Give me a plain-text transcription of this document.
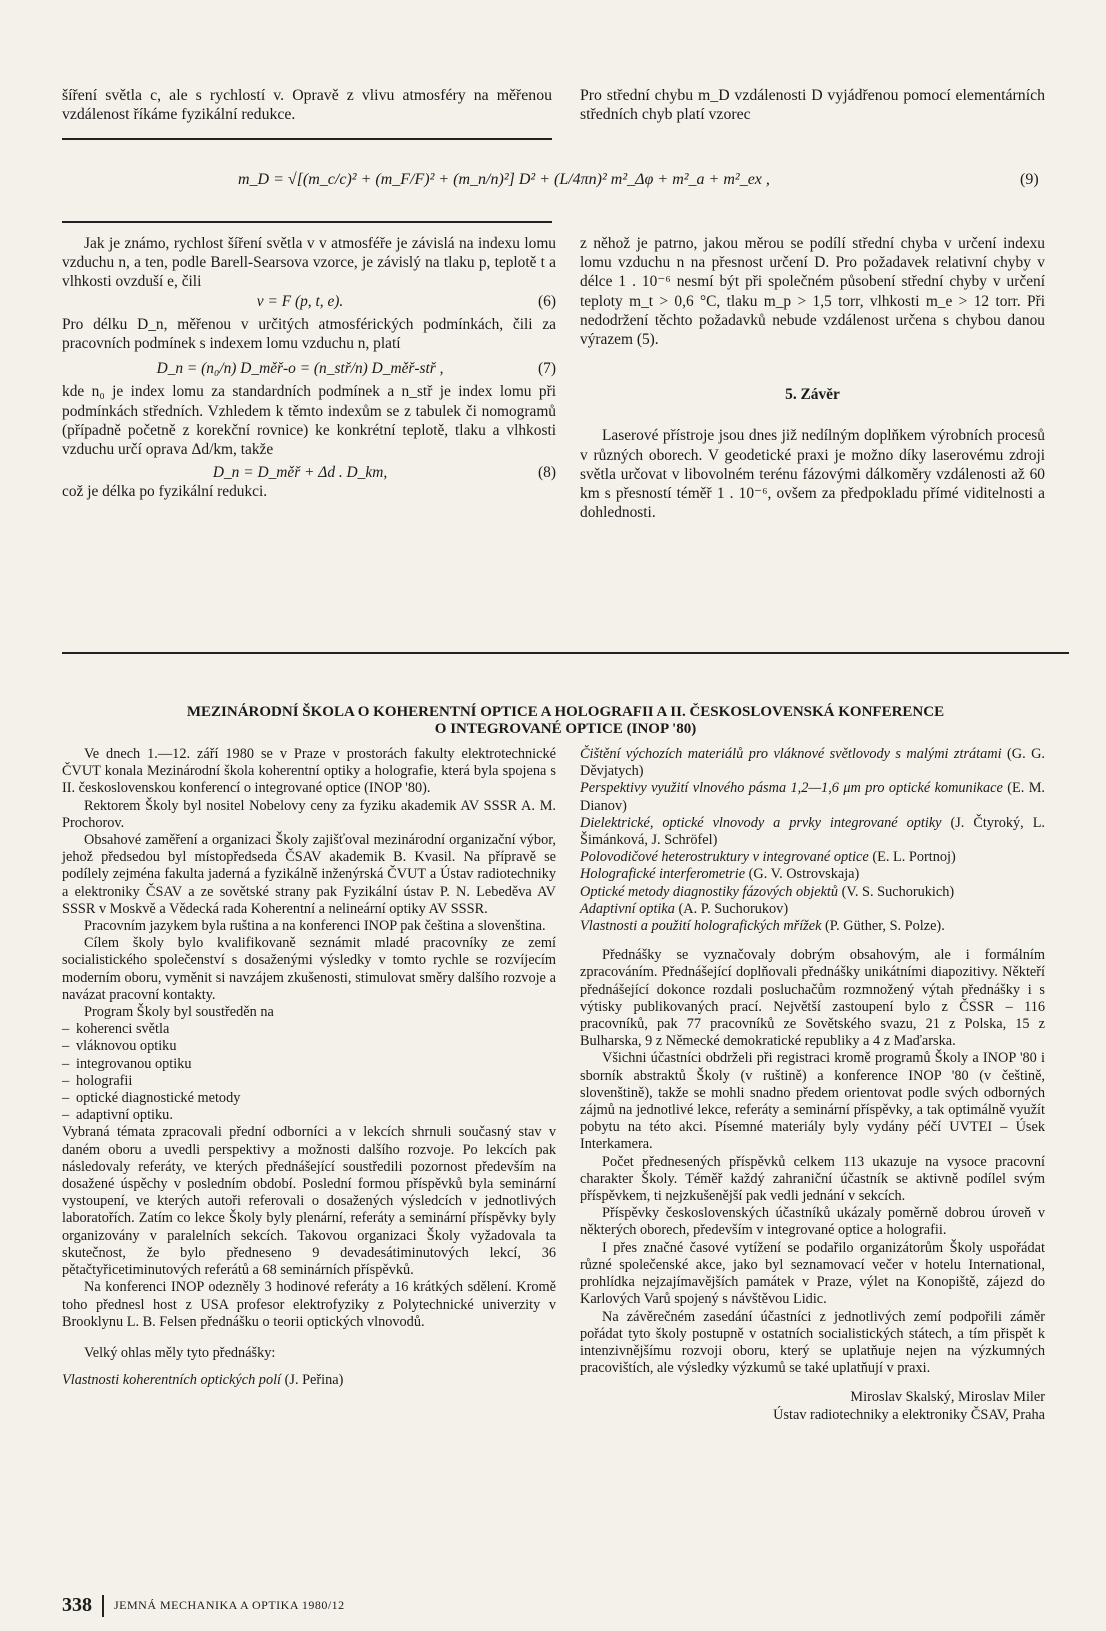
šíření světla c, ale s rychlostí v. Opravě z vlivu atmosféry na měřenou vzdálenost říkáme fyzikální redukce.
Pro střední chybu m_D vzdálenosti D vyjádřenou pomocí elementárních středních chyb platí vzorec
m_D = √[(m_c/c)² + (m_F/F)² + (m_n/n)²] D² + (L/4πn)² m²_Δφ + m²_a + m²_ex ,	(9)

Jak je známo, rychlost šíření světla v v atmosféře je závislá na indexu lomu vzduchu n, a ten, podle Barell-Searsova vzorce, je závislý na tlaku p, teplotě t a vlhkosti ovzduší e, čili

v = F (p, t, e).	(6)

Pro délku D_n, měřenou v určitých atmosférických podmínkách, čili za pracovních podmínek s indexem lomu vzduchu n, platí

D_n = (n₀/n) D_měř-o = (n_stř/n) D_měř-stř ,	(7)

kde n₀ je index lomu za standardních podmínek a n_stř je index lomu při podmínkách středních. Vzhledem k těmto indexům se z tabulek či nomogramů (případně početně z korekční rovnice) ke konkrétní teplotě, tlaku a vlhkosti vzduchu určí oprava Δd/km, takže

D_n = D_měř + Δd . D_km,	(8)

což je délka po fyzikální redukci.

z něhož je patrno, jakou měrou se podílí střední chyba v určení indexu lomu vzduchu n na přesnost určení D. Pro požadavek relativní chyby v délce 1 . 10⁻⁶ nesmí být při společném působení střední chyby v určení teploty m_t > 0,6 °C, tlaku m_p > 1,5 torr, vlhkosti m_e > 12 torr. Při nedodržení těchto požadavků nebude vzdálenost určena s chybou danou výrazem (5).

5. Závěr

Laserové přístroje jsou dnes již nedílným doplňkem výrobních procesů v různých oborech. V geodetické praxi je možno díky laserovému zdroji světla určovat v libovolném terénu fázovými dálkoměry vzdálenosti až 60 km s přesností téměř 1 . 10⁻⁶, ovšem za předpokladu přímé viditelnosti a dohlednosti.

MEZINÁRODNÍ ŠKOLA O KOHERENTNÍ OPTICE A HOLOGRAFII A II. ČESKOSLOVENSKÁ KONFERENCE
O INTEGROVANÉ OPTICE (INOP '80)

Ve dnech 1.—12. září 1980 se v Praze v prostorách fakulty elektrotechnické ČVUT konala Mezinárodní škola koherentní optiky a holografie, která byla spojena s II. československou konferencí o integrované optice (INOP '80).

Rektorem Školy byl nositel Nobelovy ceny za fyziku akademik AV SSSR A. M. Prochorov.

Obsahové zaměření a organizaci Školy zajišťoval mezinárodní organizační výbor, jehož předsedou byl místopředseda ČSAV akademik B. Kvasil. Na přípravě se podílely zejména fakulta jaderná a fyzikálně inženýrská ČVUT a Ústav radiotechniky a elektroniky ČSAV a ze sovětské strany pak Fyzikální ústav P. N. Lebeděva AV SSSR v Moskvě a Vědecká rada Koherentní a nelineární optiky AV SSSR.

Pracovním jazykem byla ruština a na konferenci INOP pak čeština a slovenština.

Cílem školy bylo kvalifikovaně seznámit mladé pracovníky ze zemí socialistického společenství s dosaženými výsledky v tomto rychle se rozvíjecím moderním oboru, vyměnit si navzájem zkušenosti, stimulovat směry dalšího rozvoje a navázat pracovní kontakty.

Program Školy byl soustředěn na

– koherenci světla
– vláknovou optiku
– integrovanou optiku
– holografii
– optické diagnostické metody
– adaptivní optiku.

Vybraná témata zpracovali přední odborníci a v lekcích shrnuli současný stav v daném oboru a uvedli perspektivy a možnosti dalšího rozvoje. Po lekcích pak následovaly referáty, ve kterých přednášející soustředili pozornost především na dosažené úspěchy v posledním období. Poslední formou příspěvků byla seminární vystoupení, ve kterých autoři referovali o dosažených výsledcích v jednotlivých laboratořích. Zatím co lekce Školy byly plenární, referáty a seminární příspěvky byly organizovány v paralelních sekcích. Takovou organizaci Školy vyžadovala ta skutečnost, že bylo předneseno 9 devadesátiminutových lekcí, 36 pětačtyřicetiminutových referátů a 68 seminárních příspěvků.

Na konferenci INOP odezněly 3 hodinové referáty a 16 krátkých sdělení. Kromě toho přednesl host z USA profesor elektrofyziky z Polytechnické univerzity v Brooklynu L. B. Felsen přednášku o teorii optických vlnovodů.

Velký ohlas měly tyto přednášky:

Vlastnosti koherentních optických polí (J. Peřina)

Čištění výchozích materiálů pro vláknové světlovody s malými ztrátami (G. G. Děvjatych)

Perspektivy využití vlnového pásma 1,2—1,6 μm pro optické komunikace (E. M. Dianov)

Dielektrické, optické vlnovody a prvky integrované optiky (J. Čtyroký, L. Šimánková, J. Schröfel)

Polovodičové heterostruktury v integrované optice (E. L. Portnoj)

Holografické interferometrie (G. V. Ostrovskaja)

Optické metody diagnostiky fázových objektů (V. S. Suchorukich)

Adaptivní optika (A. P. Suchorukov)

Vlastnosti a použití holografických mřížek (P. Güther, S. Polze).

Přednášky se vyznačovaly dobrým obsahovým, ale i formálním zpracováním. Přednášející doplňovali přednášky unikátními diapozitivy. Někteří přednášející dokonce rozdali posluchačům rozmnožený výtah přednášky i s výtisky publikovaných prací. Největší zastoupení bylo z ČSSR – 116 pracovníků, pak 77 pracovníků ze Sovětského svazu, 21 z Polska, 15 z Bulharska, 9 z Německé demokratické republiky a 4 z Maďarska.

Všichni účastníci obdrželi při registraci kromě programů Školy a INOP '80 i sborník abstraktů Školy (v ruštině) a konference INOP '80 (v češtině, slovenštině), takže se mohli snadno předem orientovat podle svých odborných zájmů na jednotlivé lekce, referáty a seminární příspěvky, a tak optimálně využít pobytu na této akci. Písemné materiály byly vydány péčí UVTEI – Úsek Interkamera.

Počet přednesených příspěvků celkem 113 ukazuje na vysoce pracovní charakter Školy. Téměř každý zahraniční účastník se aktivně podílel svým příspěvkem, ti nejzkušenější pak vedli jednání v sekcích.

Příspěvky československých účastníků ukázaly poměrně dobrou úroveň v některých oborech, především v integrované optice a holografii.

I přes značné časové vytížení se podařilo organizátorům Školy uspořádat různé společenské akce, jako byl seznamovací večer v hotelu International, prohlídka nejzajímavějších památek v Praze, výlet na Konopiště, zájezd do Karlových Varů spojený s návštěvou Lidic.

Na závěrečném zasedání účastníci z jednotlivých zemí podpořili záměr pořádat tyto školy postupně v ostatních socialistických státech, a tím přispět k intenzivnějšímu rozvoji oboru, který se uplatňuje nejen na výzkumných pracovištích, ale výsledky výzkumů se také uplatňují v praxi.

Miroslav Skalský, Miroslav Miler

Ústav radiotechniky a elektroniky ČSAV, Praha

338 JEMNÁ MECHANIKA A OPTIKA 1980/12
